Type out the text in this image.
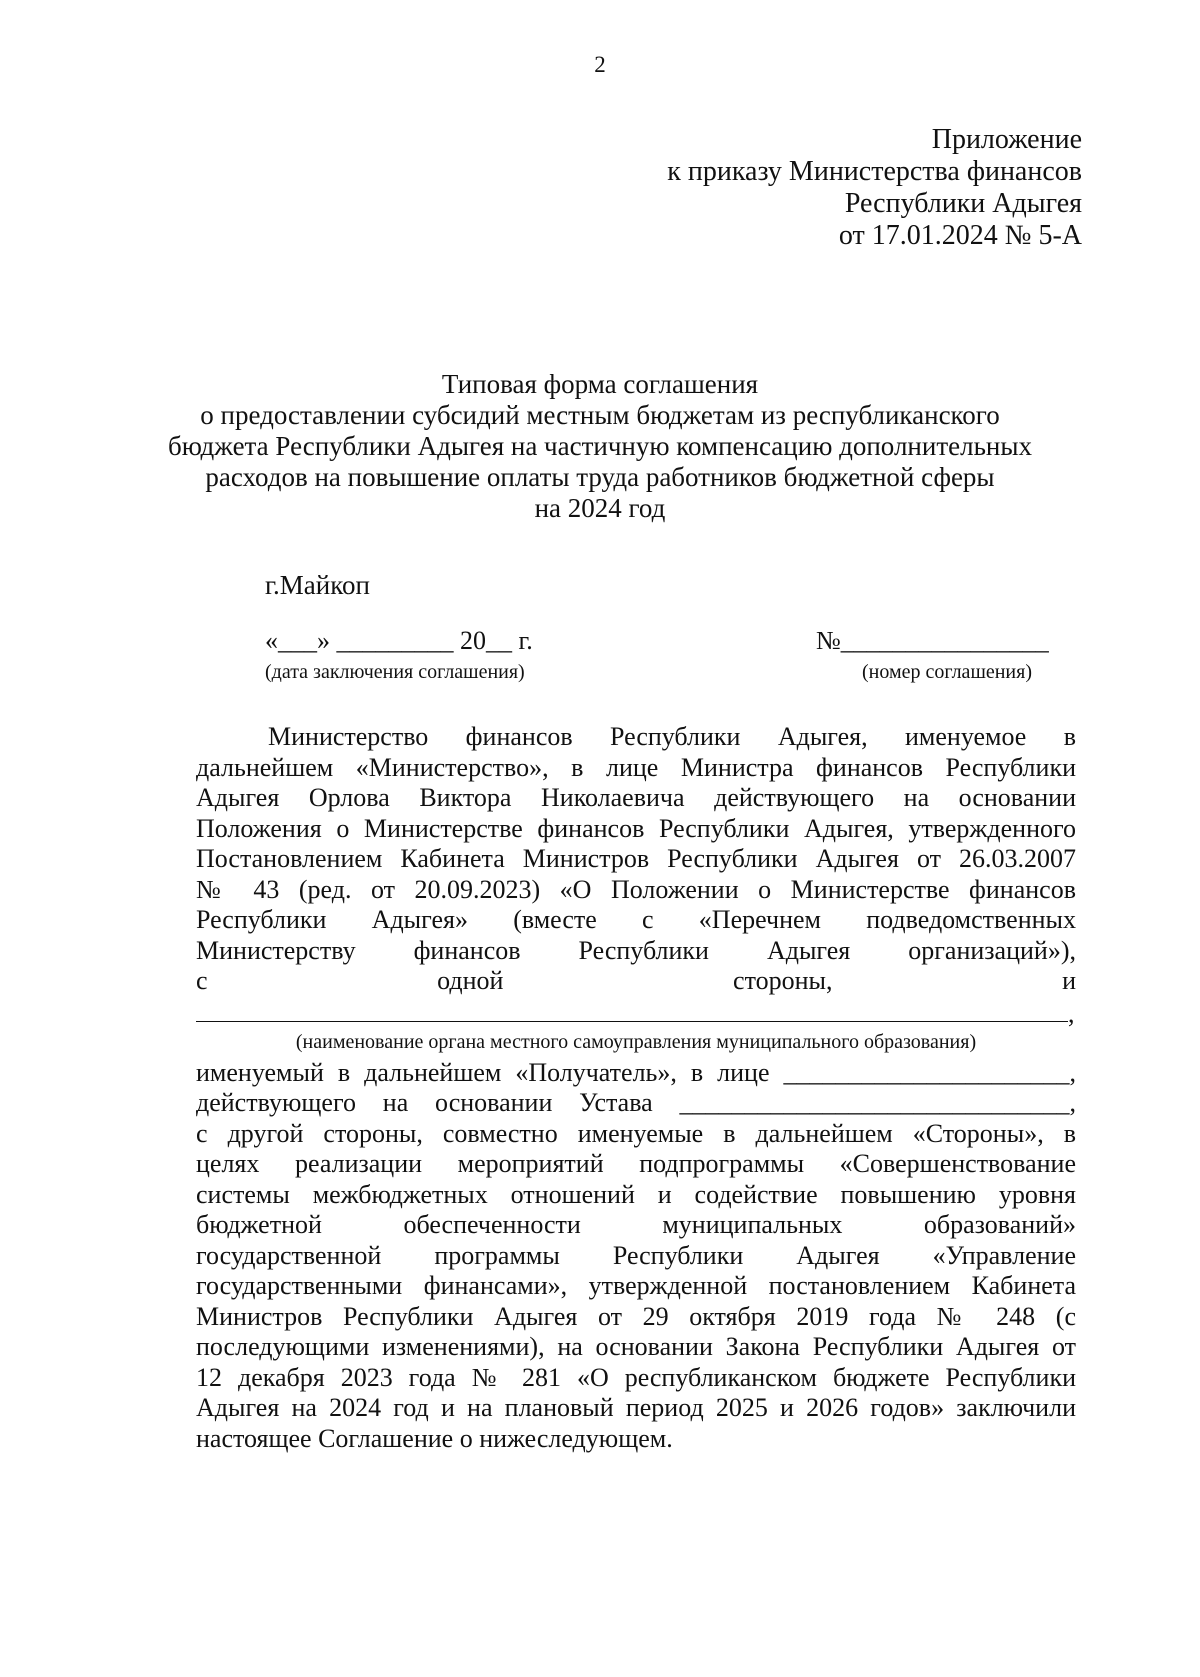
2
Приложение
к приказу Министерства финансов
Республики Адыгея
от 17.01.2024 № 5-А
Типовая форма соглашения
о предоставлении субсидий местным бюджетам из республиканского
бюджета Республики Адыгея на частичную компенсацию дополнительных
расходов на повышение оплаты труда работников бюджетной сферы
на 2024 год
г.Майкоп
«___» _________ 20__ г.
(дата заключения соглашения)
№________________
(номер соглашения)
Министерство финансов Республики Адыгея, именуемое в
дальнейшем «Министерство», в лице Министра финансов Республики
Адыгея Орлова Виктора Николаевича действующего на основании
Положения о Министерстве финансов Республики Адыгея, утвержденного
Постановлением Кабинета Министров Республики Адыгея от 26.03.2007
№ 43 (ред. от 20.09.2023) «О Положении о Министерстве финансов
Республики Адыгея» (вместе с «Перечнем подведомственных
Министерству финансов Республики Адыгея организаций»),
с одной стороны, и
,
(наименование органа местного самоуправления муниципального образования)
именуемый в дальнейшем «Получатель», в лице ______________________,
действующего на основании Устава ______________________________,
с другой стороны, совместно именуемые в дальнейшем «Стороны», в
целях реализации мероприятий подпрограммы «Совершенствование
системы межбюджетных отношений и содействие повышению уровня
бюджетной обеспеченности муниципальных образований»
государственной программы Республики Адыгея «Управление
государственными финансами», утвержденной постановлением Кабинета
Министров Республики Адыгея от 29 октября 2019 года № 248 (с
последующими изменениями), на основании Закона Республики Адыгея от
12 декабря 2023 года № 281 «О республиканском бюджете Республики
Адыгея на 2024 год и на плановый период 2025 и 2026 годов» заключили
настоящее Соглашение о нижеследующем.
